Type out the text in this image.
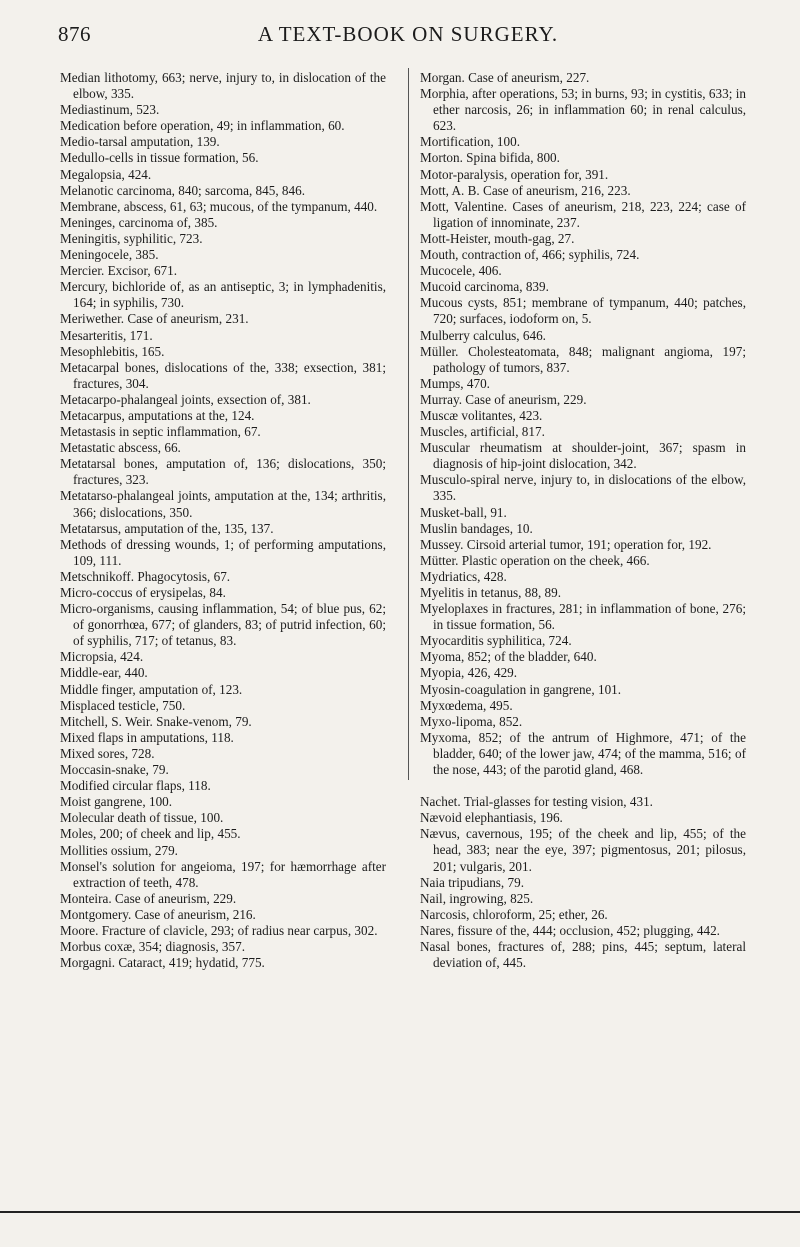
876	A TEXT-BOOK ON SURGERY.
Median lithotomy, 663; nerve, injury to, in dislocation of the elbow, 335.
Mediastinum, 523.
Medication before operation, 49; in inflammation, 60.
Medio-tarsal amputation, 139.
Medullo-cells in tissue formation, 56.
Megalopsia, 424.
Melanotic carcinoma, 840; sarcoma, 845, 846.
Membrane, abscess, 61, 63; mucous, of the tympanum, 440.
Meninges, carcinoma of, 385.
Meningitis, syphilitic, 723.
Meningocele, 385.
Mercier. Excisor, 671.
Mercury, bichloride of, as an antiseptic, 3; in lymphadenitis, 164; in syphilis, 730.
Meriwether. Case of aneurism, 231.
Mesarteritis, 171.
Mesophlebitis, 165.
Metacarpal bones, dislocations of the, 338; exsection, 381; fractures, 304.
Metacarpo-phalangeal joints, exsection of, 381.
Metacarpus, amputations at the, 124.
Metastasis in septic inflammation, 67.
Metastatic abscess, 66.
Metatarsal bones, amputation of, 136; dislocations, 350; fractures, 323.
Metatarso-phalangeal joints, amputation at the, 134; arthritis, 366; dislocations, 350.
Metatarsus, amputation of the, 135, 137.
Methods of dressing wounds, 1; of performing amputations, 109, 111.
Metschnikoff. Phagocytosis, 67.
Micro-coccus of erysipelas, 84.
Micro-organisms, causing inflammation, 54; of blue pus, 62; of gonorrhœa, 677; of glanders, 83; of putrid infection, 60; of syphilis, 717; of tetanus, 83.
Micropsia, 424.
Middle-ear, 440.
Middle finger, amputation of, 123.
Misplaced testicle, 750.
Mitchell, S. Weir. Snake-venom, 79.
Mixed flaps in amputations, 118.
Mixed sores, 728.
Moccasin-snake, 79.
Modified circular flaps, 118.
Moist gangrene, 100.
Molecular death of tissue, 100.
Moles, 200; of cheek and lip, 455.
Mollities ossium, 279.
Monsel's solution for angeioma, 197; for hæmorrhage after extraction of teeth, 478.
Monteira. Case of aneurism, 229.
Montgomery. Case of aneurism, 216.
Moore. Fracture of clavicle, 293; of radius near carpus, 302.
Morbus coxæ, 354; diagnosis, 357.
Morgagni. Cataract, 419; hydatid, 775.
Morgan. Case of aneurism, 227.
Morphia, after operations, 53; in burns, 93; in cystitis, 633; in ether narcosis, 26; in inflammation 60; in renal calculus, 623.
Mortification, 100.
Morton. Spina bifida, 800.
Motor-paralysis, operation for, 391.
Mott, A. B. Case of aneurism, 216, 223.
Mott, Valentine. Cases of aneurism, 218, 223, 224; case of ligation of innominate, 237.
Mott-Heister, mouth-gag, 27.
Mouth, contraction of, 466; syphilis, 724.
Mucocele, 406.
Mucoid carcinoma, 839.
Mucous cysts, 851; membrane of tympanum, 440; patches, 720; surfaces, iodoform on, 5.
Mulberry calculus, 646.
Müller. Cholesteatomata, 848; malignant angioma, 197; pathology of tumors, 837.
Mumps, 470.
Murray. Case of aneurism, 229.
Muscæ volitantes, 423.
Muscles, artificial, 817.
Muscular rheumatism at shoulder-joint, 367; spasm in diagnosis of hip-joint dislocation, 342.
Musculo-spiral nerve, injury to, in dislocations of the elbow, 335.
Musket-ball, 91.
Muslin bandages, 10.
Mussey. Cirsoid arterial tumor, 191; operation for, 192.
Mütter. Plastic operation on the cheek, 466.
Mydriatics, 428.
Myelitis in tetanus, 88, 89.
Myeloplaxes in fractures, 281; in inflammation of bone, 276; in tissue formation, 56.
Myocarditis syphilitica, 724.
Myoma, 852; of the bladder, 640.
Myopia, 426, 429.
Myosin-coagulation in gangrene, 101.
Myxœdema, 495.
Myxo-lipoma, 852.
Myxoma, 852; of the antrum of Highmore, 471; of the bladder, 640; of the lower jaw, 474; of the mamma, 516; of the nose, 443; of the parotid gland, 468.
Nachet. Trial-glasses for testing vision, 431.
Nævoid elephantiasis, 196.
Nævus, cavernous, 195; of the cheek and lip, 455; of the head, 383; near the eye, 397; pigmentosus, 201; pilosus, 201; vulgaris, 201.
Naia tripudians, 79.
Nail, ingrowing, 825.
Narcosis, chloroform, 25; ether, 26.
Nares, fissure of the, 444; occlusion, 452; plugging, 442.
Nasal bones, fractures of, 288; pins, 445; septum, lateral deviation of, 445.
